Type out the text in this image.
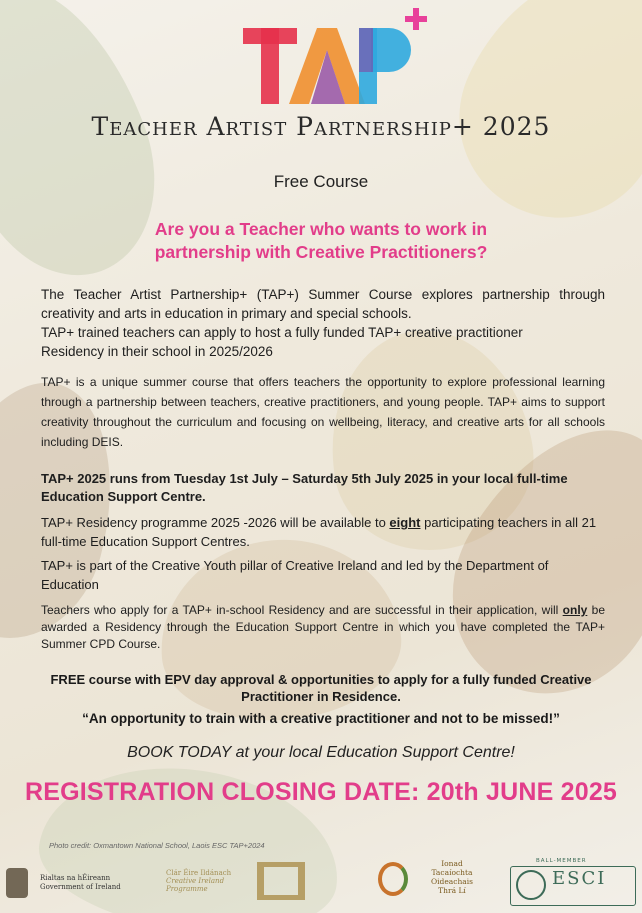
Teacher Artist Partnership+ 2025
Free Course
Are you a Teacher who wants to work in
partnership with Creative Practitioners?
The Teacher Artist Partnership+ (TAP+) Summer Course explores partnership through creativity and arts in education in primary and special schools.
TAP+ trained teachers can apply to host a fully funded TAP+ creative practitioner
Residency in their school in 2025/2026
TAP+ is a unique summer course that offers teachers the opportunity to explore professional learning through a partnership between teachers, creative practitioners, and young people. TAP+ aims to support creativity throughout the curriculum and focusing on wellbeing, literacy, and creative arts for all schools including DEIS.
TAP+ 2025 runs from Tuesday 1st July – Saturday 5th July 2025 in your local full-time Education Support Centre.
TAP+ Residency programme 2025 -2026 will be available to eight participating teachers in all 21 full-time Education Support Centres.
TAP+ is part of the Creative Youth pillar of Creative Ireland and led by the Department of Education
Teachers who apply for a TAP+ in-school Residency and are successful in their application, will only be awarded a Residency through the Education Support Centre in which you have completed the TAP+ Summer CPD Course.
FREE course with EPV day approval & opportunities to apply for a fully funded Creative Practitioner in Residence.
“An opportunity to train with a creative practitioner and not to be missed!”
BOOK TODAY at your local Education Support Centre!
REGISTRATION CLOSING DATE: 20th JUNE 2025
Photo credit: Oxmantown National School, Laois ESC TAP+2024
Rialtas na hÉireann
Government of Ireland
Clár Éire Ildánach
Creative Ireland
Programme
Ionad
Tacaíochta
Oideachais
Thrá Lí
BALL-MEMBER
ESCI
